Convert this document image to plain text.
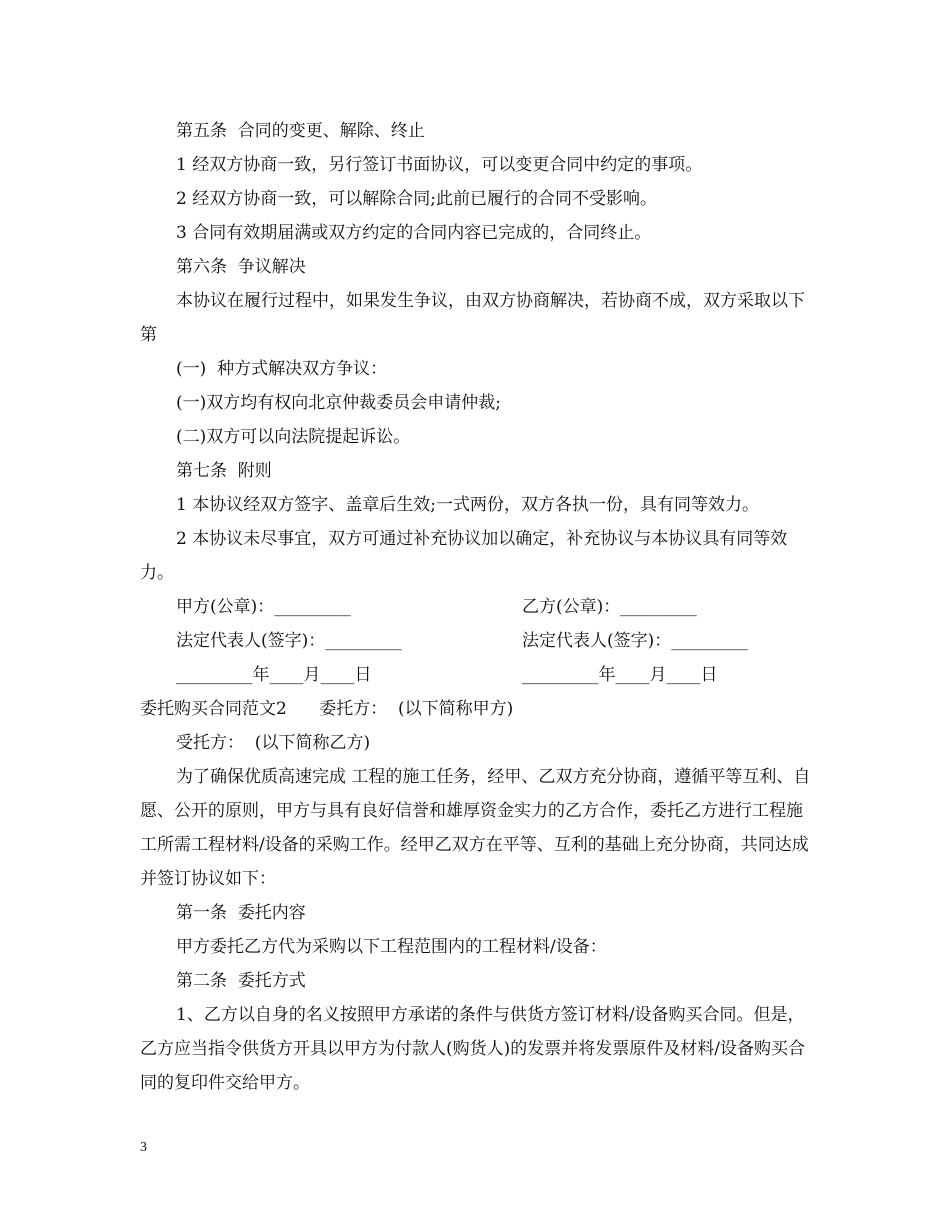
第五条  合同的变更、解除、终止

1 经双方协商一致，另行签订书面协议，可以变更合同中约定的事项。

2 经双方协商一致，可以解除合同;此前已履行的合同不受影响。

3 合同有效期届满或双方约定的合同内容已完成的，合同终止。

第六条  争议解决

本协议在履行过程中，如果发生争议，由双方协商解决，若协商不成，双方采取以下第

(一)  种方式解决双方争议：

(一)双方均有权向北京仲裁委员会申请仲裁;

(二)双方可以向法院提起诉讼。

第七条  附则

1 本协议经双方签字、盖章后生效;一式两份，双方各执一份，具有同等效力。

2 本协议未尽事宜，双方可通过补充协议加以确定，补充协议与本协议具有同等效力。

甲方(公章)：_________	乙方(公章)：_________
法定代表人(签字)：_________	法定代表人(签字)：_________
_________年____月____日	_________年____月____日

委托购买合同范文2      委托方：  (以下简称甲方)

受托方：  (以下简称乙方)

为了确保优质高速完成 工程的施工任务，经甲、乙双方充分协商，遵循平等互利、自愿、公开的原则，甲方与具有良好信誉和雄厚资金实力的乙方合作，委托乙方进行工程施工所需工程材料/设备的采购工作。经甲乙双方在平等、互利的基础上充分协商，共同达成并签订协议如下：

第一条  委托内容

甲方委托乙方代为采购以下工程范围内的工程材料/设备：

第二条  委托方式

1、乙方以自身的名义按照甲方承诺的条件与供货方签订材料/设备购买合同。但是，乙方应当指令供货方开具以甲方为付款人(购货人)的发票并将发票原件及材料/设备购买合同的复印件交给甲方。

3
